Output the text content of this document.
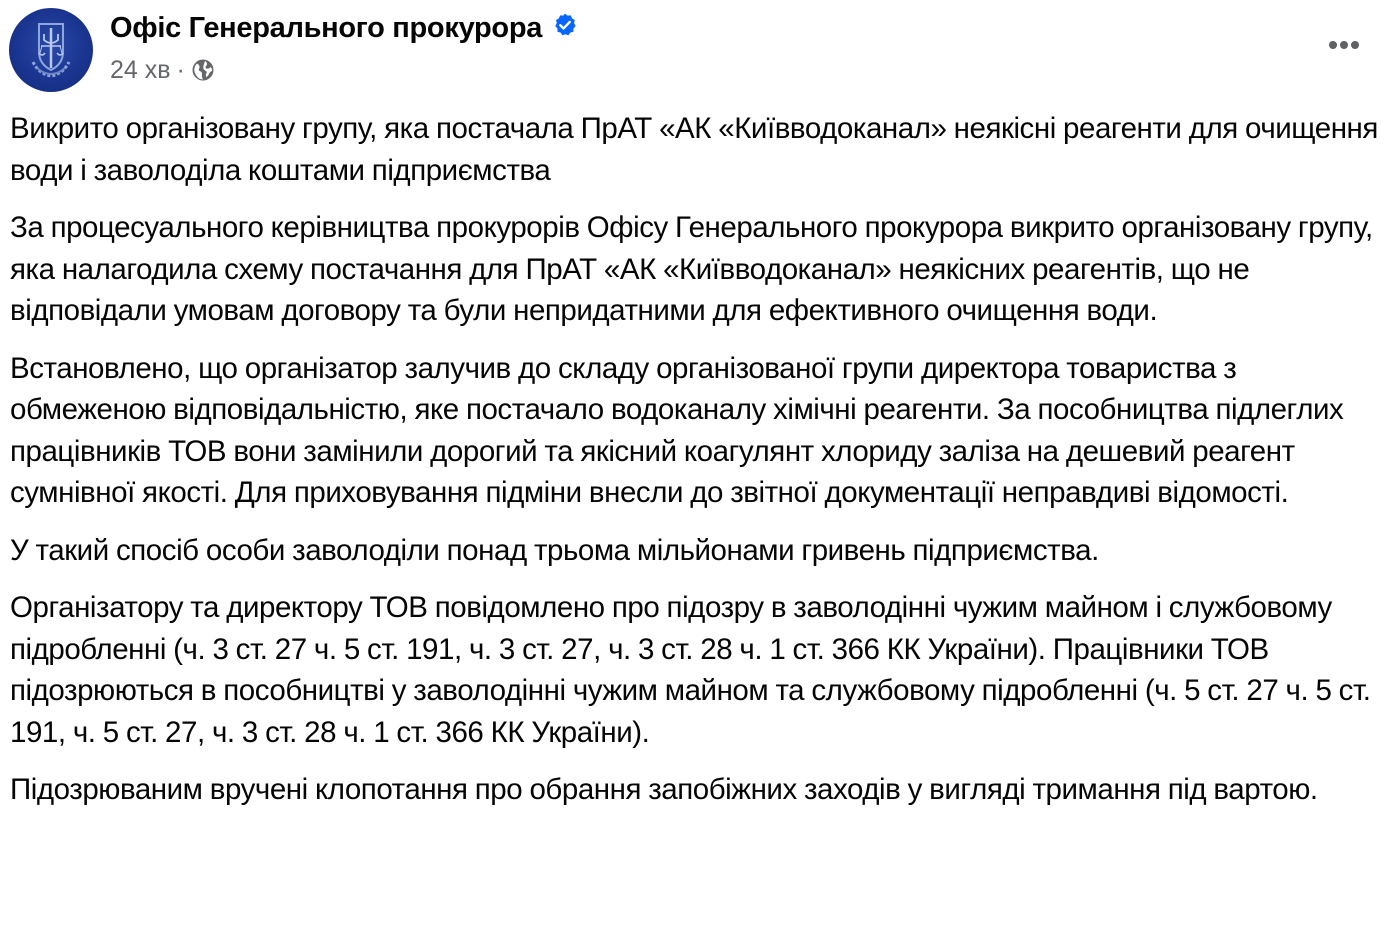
Офіс Генерального прокурора
24 хв ·

Викрито організовану групу, яка постачала ПрАТ «АК «Київводоканал» неякісні реагенти для очищення води і заволоділа коштами підприємства

За процесуального керівництва прокурорів Офісу Генерального прокурора викрито організовану групу, яка налагодила схему постачання для ПрАТ «АК «Київводоканал» неякісних реагентів, що не відповідали умовам договору та були непридатними для ефективного очищення води.

Встановлено, що організатор залучив до складу організованої групи директора товариства з обмеженою відповідальністю, яке постачало водоканалу хімічні реагенти. За пособництва підлеглих працівників ТОВ вони замінили дорогий та якісний коагулянт хлориду заліза на дешевий реагент сумнівної якості. Для приховування підміни внесли до звітної документації неправдиві відомості.

У такий спосіб особи заволоділи понад трьома мільйонами гривень підприємства.

Організатору та директору ТОВ повідомлено про підозру в заволодінні чужим майном і службовому підробленні (ч. 3 ст. 27 ч. 5 ст. 191, ч. 3 ст. 27, ч. 3 ст. 28 ч. 1 ст. 366 КК України). Працівники ТОВ підозрюються в пособництві у заволодінні чужим майном та службовому підробленні (ч. 5 ст. 27 ч. 5 ст. 191, ч. 5 ст. 27, ч. 3 ст. 28 ч. 1 ст. 366 КК України).

Підозрюваним вручені клопотання про обрання запобіжних заходів у вигляді тримання під вартою.
